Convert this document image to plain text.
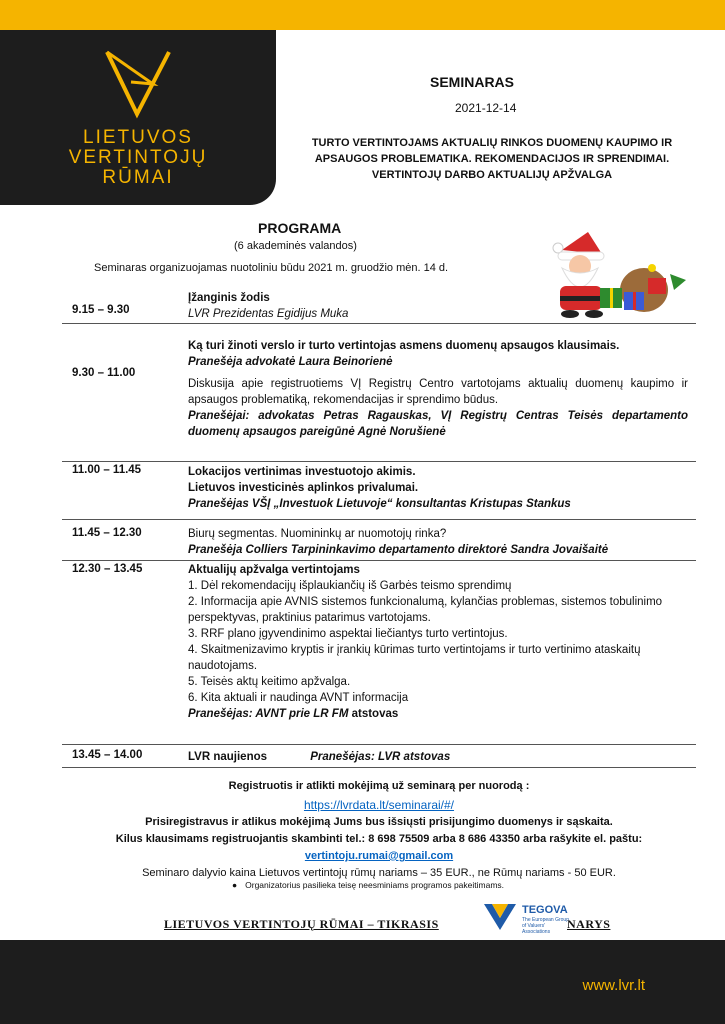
LIETUVOS
VERTINTOJŲ
RŪMAI
SEMINARAS
2021-12-14
TURTO VERTINTOJAMS AKTUALIŲ RINKOS DUOMENŲ KAUPIMO IR
APSAUGOS PROBLEMATIKA. REKOMENDACIJOS IR SPRENDIMAI.
VERTINTOJŲ DARBO AKTUALIJŲ APŽVALGA
PROGRAMA
(6 akademinės valandos)
Seminaras organizuojamas nuotoliniu būdu 2021 m. gruodžio mėn. 14 d.
9.15 – 9.30

Įžanginis žodis

LVR Prezidentas Egidijus Muka

9.30 – 11.00

Ką turi žinoti verslo ir turto vertintojas asmens duomenų apsaugos klausimais.

Pranešėja advokatė Laura Beinorienė

Diskusija apie registruotiems VĮ Registrų Centro vartotojams aktualių duomenų kaupimo ir apsaugos problematiką, rekomendacijas ir sprendimo būdus.

Pranešėjai: advokatas Petras Ragauskas, VĮ Registrų Centras Teisės departamento duomenų apsaugos pareigūnė Agnė Norušienė

11.00 – 11.45	Lokacijos vertinimas investuotojo akimis.

Lietuvos investicinės aplinkos privalumai.

Pranešėjas VŠĮ „Investuok Lietuvoje“ konsultantas Kristupas Stankus

11.45 – 12.30	Biurų segmentas. Nuomininkų ar nuomotojų rinka?

Pranešėja Colliers Tarpininkavimo departamento direktorė Sandra Jovaišaitė

12.30 – 13.45	Aktualijų apžvalga vertintojams

1. Dėl rekomendacijų išplaukiančių iš Garbės teismo sprendimų

2. Informacija apie AVNIS sistemos funkcionalumą, kylančias problemas, sistemos tobulinimo perspektyvas, praktinius patarimus vartotojams.

3. RRF plano įgyvendinimo aspektai liečiantys turto vertintojus.

4. Skaitmenizavimo kryptis ir įrankių kūrimas turto vertintojams ir turto vertinimo ataskaitų naudotojams.

5. Teisės aktų keitimo apžvalga.

6. Kita aktuali ir naudinga AVNT informacija

Pranešėjas: AVNT prie LR FM atstovas

13.45 – 14.00	LVR naujienos	Pranešėjas: LVR atstovas
Registruotis ir atlikti mokėjimą už seminarą per nuorodą :
https://lvrdata.lt/seminarai/#/
Prisiregistravus ir atlikus mokėjimą Jums bus išsiųsti prisijungimo duomenys ir sąskaita.
Kilus klausimams registruojantis skambinti tel.: 8 698 75509 arba 8 686 43350 arba rašykite el. paštu:
vertintoju.rumai@gmail.com
Seminaro dalyvio kaina Lietuvos vertintojų rūmų nariams – 35 EUR., ne Rūmų nariams - 50 EUR.
● Organizatorius pasilieka teisę neesminiams programos pakeitimams.
LIETUVOS VERTINTOJŲ RŪMAI – TIKRASIS
TEGOVA
The European Group of Valuers' Associations
NARYS
www.lvr.lt
